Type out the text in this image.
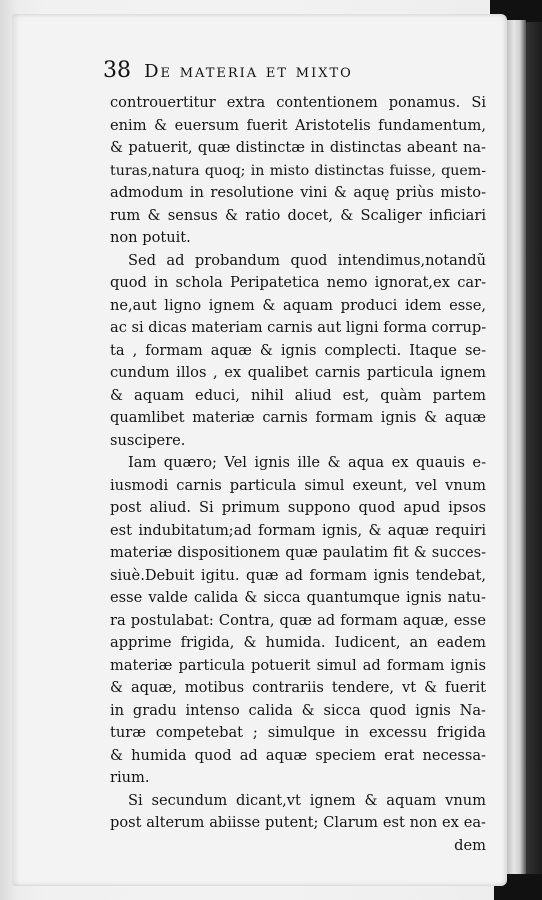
38 De materia et mixto
controuertitur extra contentionem ponamus. Si
enim & euersum fuerit Aristotelis fundamentum,
& patuerit, quæ distinctæ in distinctas abeant na-
turas,natura quoq; in misto distinctas fuisse, quem-
admodum in resolutione vini & aquę priùs misto-
rum & sensus & ratio docet, & Scaliger inficiari
non potuit.
Sed ad probandum quod intendimus,notandũ
quod in schola Peripatetica nemo ignorat,ex car-
ne,aut ligno ignem & aquam produci idem esse,
ac si dicas materiam carnis aut ligni forma corrup-
ta , formam aquæ & ignis complecti. Itaque se-
cundum illos , ex qualibet carnis particula ignem
& aquam educi, nihil aliud est, quàm partem
quamlibet materiæ carnis formam ignis & aquæ
suscipere.
Iam quæro; Vel ignis ille & aqua ex quauis e-
iusmodi carnis particula simul exeunt, vel vnum
post aliud. Si primum suppono quod apud ipsos
est indubitatum;ad formam ignis, & aquæ requiri
materiæ dispositionem quæ paulatim fit & succes-
siuè.Debuit igitu. quæ ad formam ignis tendebat,
esse valde calida & sicca quantumque ignis natu-
ra postulabat: Contra, quæ ad formam aquæ, esse
apprime frigida, & humida. Iudicent, an eadem
materiæ particula potuerit simul ad formam ignis
& aquæ, motibus contrariis tendere, vt & fuerit
in gradu intenso calida & sicca quod ignis Na-
turæ competebat ; simulque in excessu frigida
& humida quod ad aquæ speciem erat necessa-
rium.
Si secundum dicant,vt ignem & aquam vnum
post alterum abiisse putent; Clarum est non ex ea-
dem
